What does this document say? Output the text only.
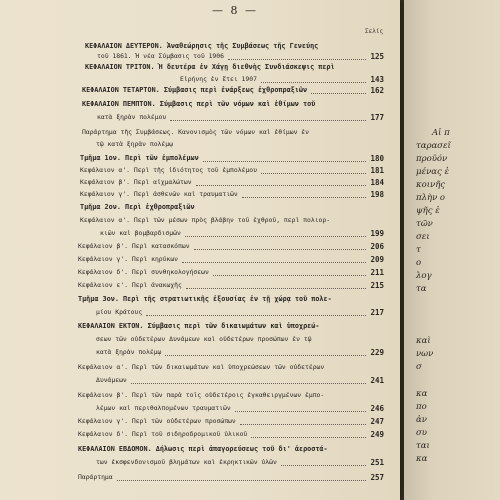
— 8 —
Σελίς
ΚΕΦΑΛΑΙΟΝ ΔΕΥΤΕΡΟΝ. Ἀναθεώρησις τῆς Συμβάσεως τῆς Γενεύης
τοῦ 1861. Ἡ νέα Σύμβασις τοῦ 1906	125
ΚΕΦΑΛΑΙΟΝ ΤΡΙΤΟΝ. Ἡ δευτέρα ἐν Χάγῃ διεθνὴς Συνδιάσκεψις περὶ
Εἰρήνης ἐν ἔτει 1907	143
ΚΕΦΑΛΑΙΟΝ ΤΕΤΑΡΤΟΝ. Σύμβασις περὶ ἐνάρξεως ἐχθροπραξιῶν	162
ΚΕΦΑΛΑΙΟΝ ΠΕΜΠΤΟΝ. Σύμβασις περὶ τῶν νόμων καὶ ἐθίμων τοῦ
κατὰ ξηρὰν πολέμου	177
Παράρτημα τῆς Συμβάσεως. Κανονισμὸς τῶν νόμων καὶ ἐθίμων ἐν
τῷ κατὰ ξηρὰν πολέμῳ
Τμῆμα 1ον. Περὶ τῶν ἐμπολέμων	180
Κεφάλαιον α'. Περὶ τῆς ἰδιότητος τοῦ ἐμπολέμου	181
Κεφάλαιον β'. Περὶ αἰχμαλώτων	184
Κεφάλαιον γ'. Περὶ ἀσθενῶν καὶ τραυματιῶν	198
Τμῆμα 2ον. Περὶ ἐχθροπραξιῶν
Κεφάλαιον α'. Περὶ τῶν μέσων πρὸς βλάβην τοῦ ἐχθροῦ, περὶ πολιορ-
κιῶν καὶ βομβαρδισμῶν	199
Κεφάλαιον β'. Περὶ κατασκόπων	206
Κεφάλαιον γ'. Περὶ κηρύκων	209
Κεφάλαιον δ'. Περὶ συνθηκολογήσεων	211
Κεφάλαιον ε'. Περὶ ἀνακωχῆς	215
Τμῆμα 3ον. Περὶ τῆς στρατιωτικῆς ἐξουσίας ἐν τῇ χώρᾳ τοῦ πολε-
μίου Κράτους	217
ΚΕΦΑΛΑΙΟΝ ΕΚΤΟΝ. Σύμβασις περὶ τῶν δικαιωμάτων καὶ ὑποχρεώ-
σεων τῶν οὐδετέρων Δυνάμεων καὶ οὐδετέρων προσώπων ἐν τῷ
κατὰ ξηρὰν πολέμῳ	229
Κεφάλαιον α'. Περὶ τῶν δικαιωμάτων καὶ ὑποχρεώσεων τῶν οὐδετέρων
Δυνάμεων	241
Κεφάλαιον β'. Περὶ τῶν παρὰ τοῖς οὐδετέροις ἐγκαθειργμένων ἐμπο-
λέμων καὶ περιθαλπομένων τραυματιῶν	246
Κεφάλαιον γ'. Περὶ τῶν οὐδετέρων προσώπων	247
Κεφάλαιον δ'. Περὶ τοῦ σιδηροδρομικοῦ ὑλικοῦ	249
ΚΕΦΑΛΑΙΟΝ ΕΒΔΟΜΟΝ. Δήλωσις περὶ ἀπαγορεύσεως τοῦ δι' ἀεροστά-
των ἐκσφενδονισμοῦ βλημάτων καὶ ἐκρηκτικῶν ὑλῶν	251
Παράρτημα	257
Αἱ π
ταρασεῖ
προϋόν
μένας ἐ
κοινῆς
πλὴν ο
ψῆς ἐ
τῶν
σει
τ
ο
λογ
τα
καὶ
νων
σ
κα
πο
ἀν
συ
ται
κα
